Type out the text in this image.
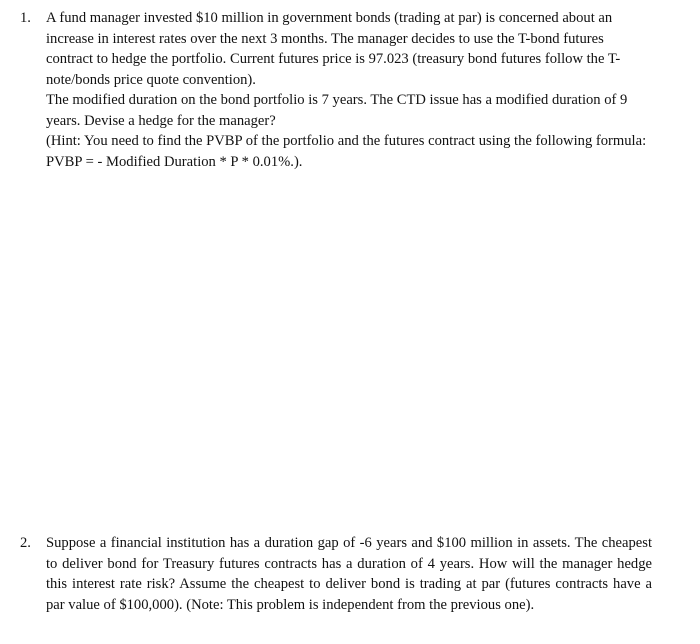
1.	A fund manager invested $10 million in government bonds (trading at par) is concerned about an increase in interest rates over the next 3 months. The manager decides to use the T-bond futures contract to hedge the portfolio. Current futures price is 97.023 (treasury bond futures follow the T-note/bonds price quote convention).

The modified duration on the bond portfolio is 7 years. The CTD issue has a modified duration of 9 years. Devise a hedge for the manager?

(Hint: You need to find the PVBP of the portfolio and the futures contract using the following formula: PVBP = - Modified Duration * P * 0.01%.).

2.	Suppose a financial institution has a duration gap of -6 years and $100 million in assets. The cheapest to deliver bond for Treasury futures contracts has a duration of 4 years. How will the manager hedge this interest rate risk? Assume the cheapest to deliver bond is trading at par (futures contracts have a par value of $100,000). (Note: This problem is independent from the previous one).
